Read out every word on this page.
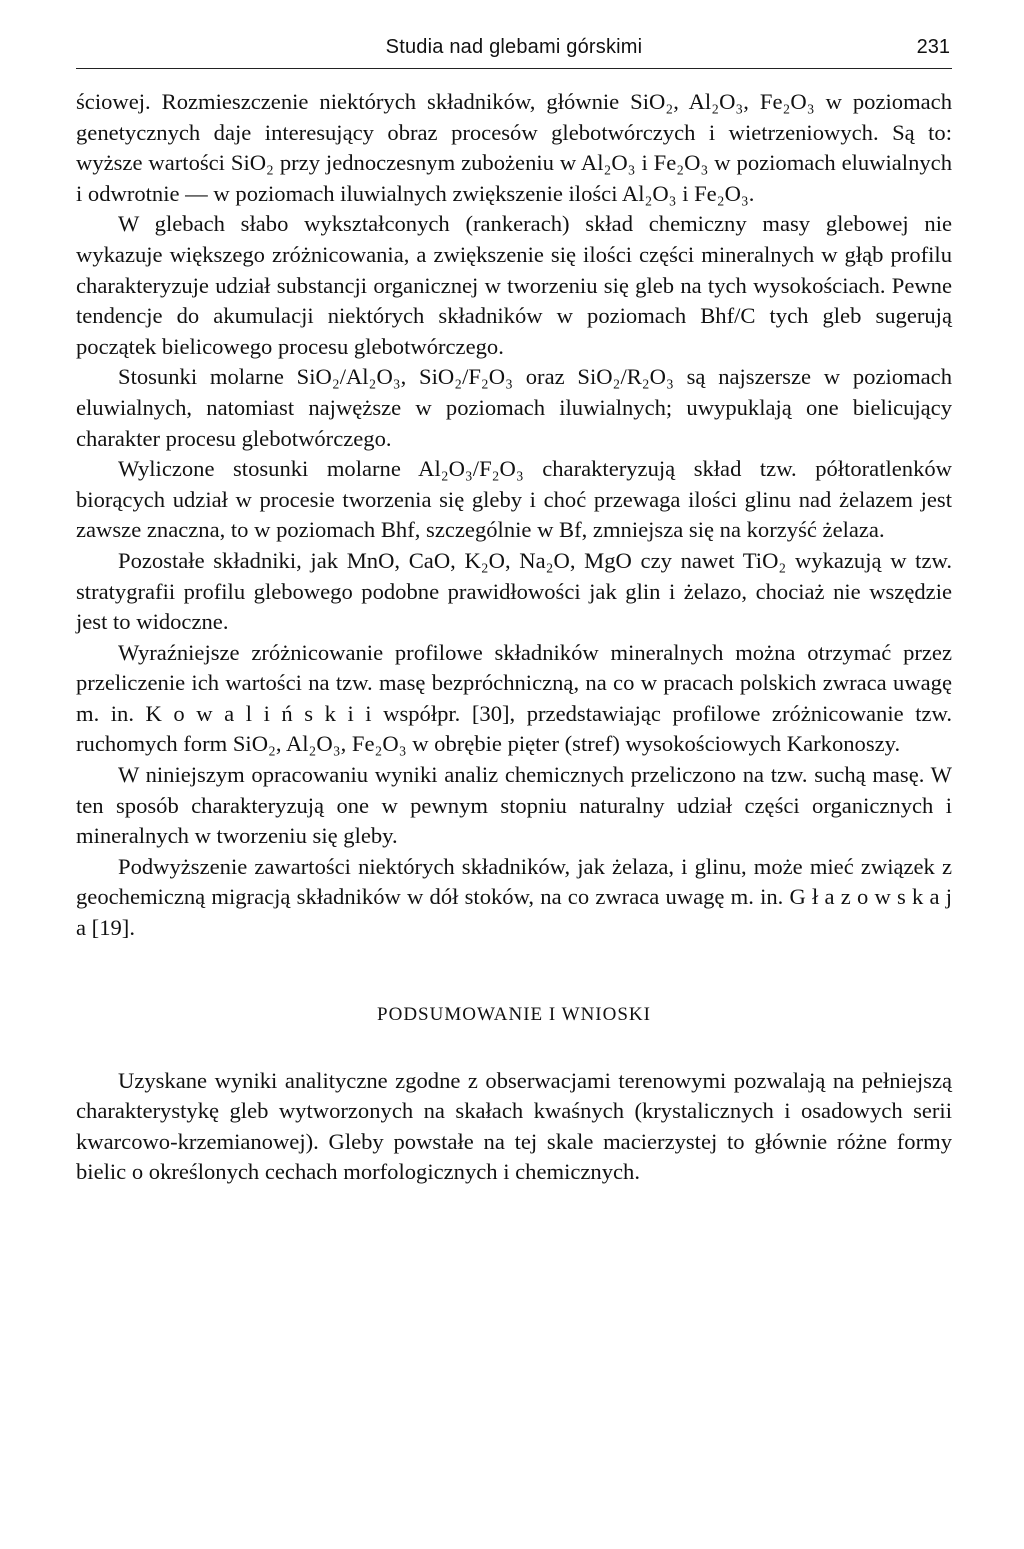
Studia nad glebami górskimi	231

ściowej. Rozmieszczenie niektórych składników, głównie SiO₂, Al₂O₃, Fe₂O₃ w poziomach genetycznych daje interesujący obraz procesów glebotwórczych i wietrzeniowych. Są to: wyższe wartości SiO₂ przy jednoczesnym zubożeniu w Al₂O₃ i Fe₂O₃ w poziomach eluwialnych i odwrotnie — w poziomach iluwialnych zwiększenie ilości Al₂O₃ i Fe₂O₃.

W glebach słabo wykształconych (rankerach) skład chemiczny masy glebowej nie wykazuje większego zróżnicowania, a zwiększenie się ilości części mineralnych w głąb profilu charakteryzuje udział substancji organicznej w tworzeniu się gleb na tych wysokościach. Pewne tendencje do akumulacji niektórych składników w poziomach Bhf/C tych gleb sugerują początek bielicowego procesu glebotwórczego.

Stosunki molarne SiO₂/Al₂O₃, SiO₂/F₂O₃ oraz SiO₂/R₂O₃ są najszersze w poziomach eluwialnych, natomiast najwęższe w poziomach iluwialnych; uwypuklają one bielicujący charakter procesu glebotwórczego.

Wyliczone stosunki molarne Al₂O₃/F₂O₃ charakteryzują skład tzw. półtoratlenków biorących udział w procesie tworzenia się gleby i choć przewaga ilości glinu nad żelazem jest zawsze znaczna, to w poziomach Bhf, szczególnie w Bf, zmniejsza się na korzyść żelaza.

Pozostałe składniki, jak MnO, CaO, K₂O, Na₂O, MgO czy nawet TiO₂ wykazują w tzw. stratygrafii profilu glebowego podobne prawidłowości jak glin i żelazo, chociaż nie wszędzie jest to widoczne.

Wyraźniejsze zróżnicowanie profilowe składników mineralnych można otrzymać przez przeliczenie ich wartości na tzw. masę bezpróchniczną, na co w pracach polskich zwraca uwagę m. in. K o w a l i ń s k i i współpr. [30], przedstawiając profilowe zróżnicowanie tzw. ruchomych form SiO₂, Al₂O₃, Fe₂O₃ w obrębie pięter (stref) wysokościowych Karkonoszy.

W niniejszym opracowaniu wyniki analiz chemicznych przeliczono na tzw. suchą masę. W ten sposób charakteryzują one w pewnym stopniu naturalny udział części organicznych i mineralnych w tworzeniu się gleby.

Podwyższenie zawartości niektórych składników, jak żelaza, i glinu, może mieć związek z geochemiczną migracją składników w dół stoków, na co zwraca uwagę m. in. G ł a z o w s k a j a [19].

PODSUMOWANIE I WNIOSKI

Uzyskane wyniki analityczne zgodne z obserwacjami terenowymi pozwalają na pełniejszą charakterystykę gleb wytworzonych na skałach kwaśnych (krystalicznych i osadowych serii kwarcowo-krzemianowej). Gleby powstałe na tej skale macierzystej to głównie różne formy bielic o określonych cechach morfologicznych i chemicznych.
